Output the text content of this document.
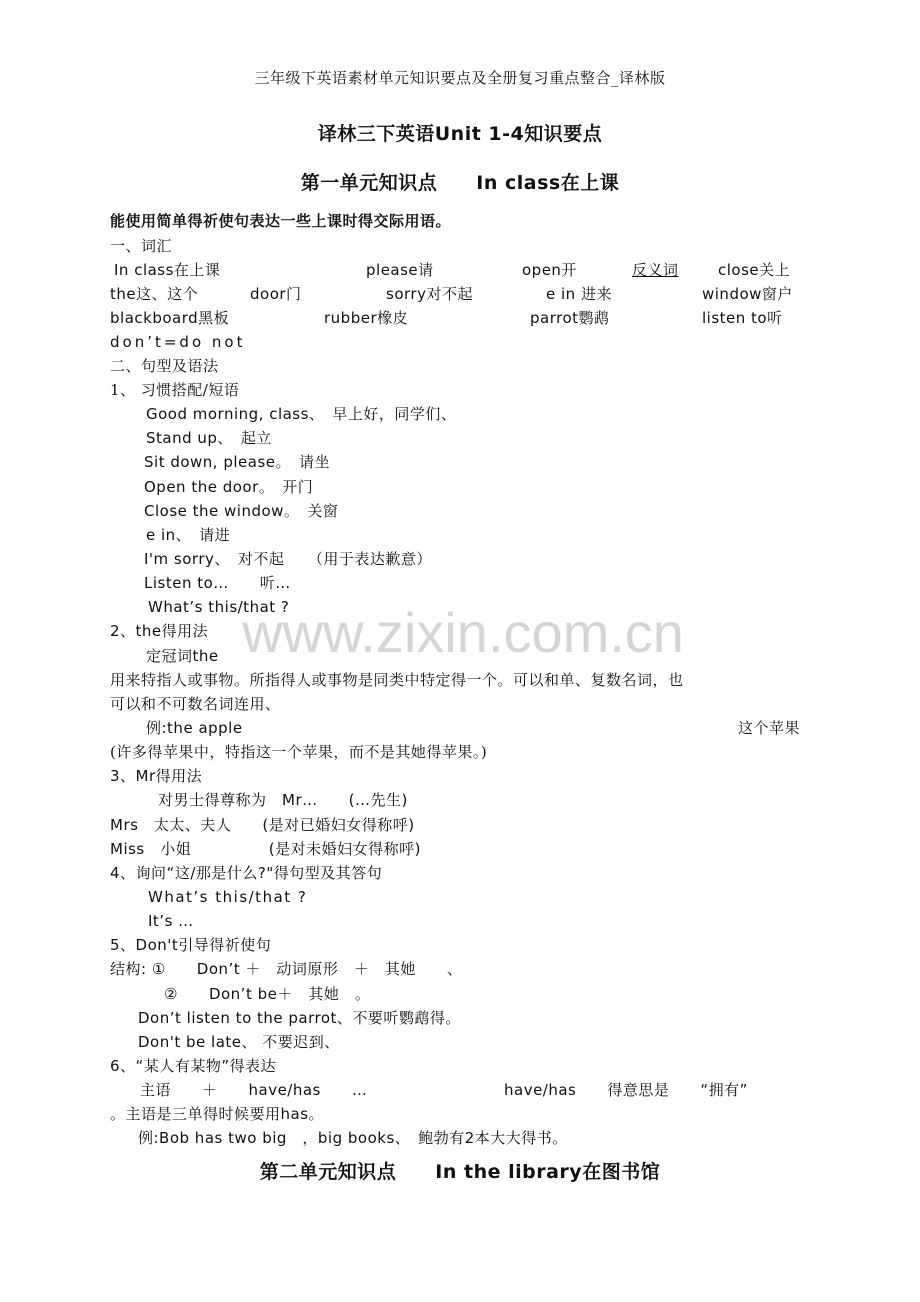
三年级下英语素材单元知识要点及全册复习重点整合_译林版
译林三下英语Unit 1-4知识要点
第一单元知识点　　In class在上课
能使用简单得祈使句表达一些上课时得交际用语。
一、词汇
In class在上课	please请	open开	反义词	close关上
the这、这个	door门	sorry对不起	e in 进来	window窗户
blackboard黑板	rubber橡皮	parrot鹦鹉	listen to听
don’t=do not
二、句型及语法
1、 习惯搭配/短语
Good morning, class、　早上好，同学们、
Stand up、　起立
Sit down, please。　请坐
Open the door。　开门
Close the window。　关窗
e in、　请进
I'm sorry、　对不起　　（用于表达歉意）
Listen to…　　听…
What’s this/that ?
2、the得用法
定冠词the
用来特指人或事物。所指得人或事物是同类中特定得一个。可以和单、复数名词，也
可以和不可数名词连用、
例:the apple	这个苹果
(许多得苹果中，特指这一个苹果，而不是其她得苹果。)
3、Mr得用法
对男士得尊称为　Mr…　　(…先生)
Mrs　太太、夫人　　(是对已婚妇女得称呼)
Miss　小姐　　　　　(是对未婚妇女得称呼)
4、询问“这/那是什么?"得句型及其答句
What’s this/that ?
It’s …
5、Don't引导得祈使句
结构: ①　　Don’t ＋　动词原形　＋　其她　　、
②　　Don’t be＋　其她　。
Don’t listen to the parrot、不要听鹦鹉得。
Don't be late、 不要迟到、
6、“某人有某物”得表达
主语　　＋　　have/has　　…	have/has　　得意思是　　“拥有”
。主语是三单得时候要用has。
例:Bob has two big　，big books、　鲍勃有2本大大得书。
第二单元知识点　　In the library在图书馆
www.zixin.com.cn
